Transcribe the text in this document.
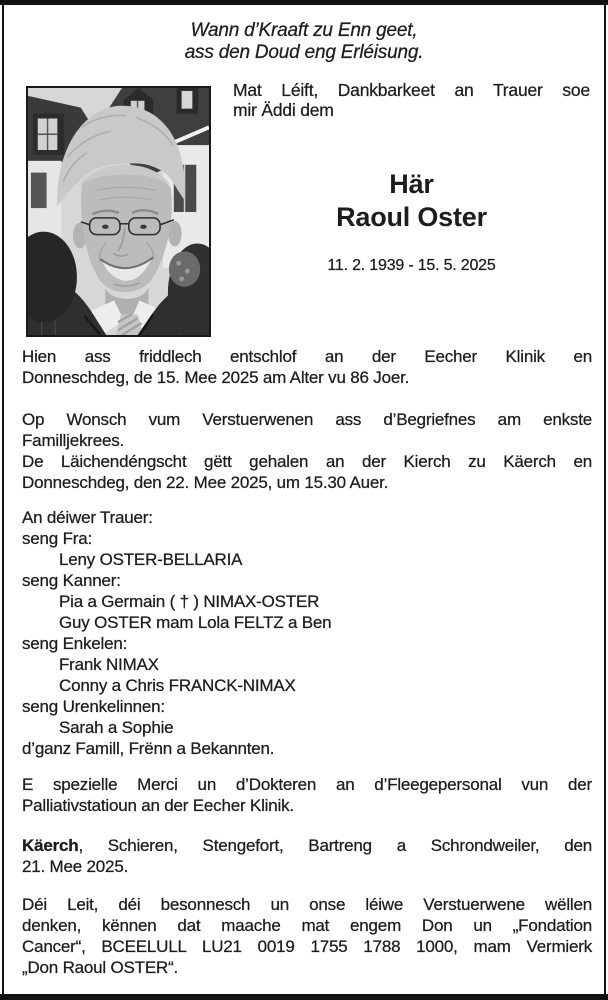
Wann d’Kraaft zu Enn geet,
ass den Doud eng Erléisung.
Mat Léift, Dankbarkeet an Trauer soe
mir Äddi dem
Här
Raoul Oster
11. 2. 1939 - 15. 5. 2025
Hien ass friddlech entschlof an der Eecher Klinik en
Donneschdeg, de 15. Mee 2025 am Alter vu 86 Joer.
Op Wonsch vum Verstuerwenen ass d’Begriefnes am enkste
Familljekrees.
De Läichendéngscht gëtt gehalen an der Kierch zu Käerch en
Donneschdeg, den 22. Mee 2025, um 15.30 Auer.
An déiwer Trauer:
seng Fra:
Leny OSTER-BELLARIA
seng Kanner:
Pia a Germain ( † ) NIMAX-OSTER
Guy OSTER mam Lola FELTZ a Ben
seng Enkelen:
Frank NIMAX
Conny a Chris FRANCK-NIMAX
seng Urenkelinnen:
Sarah a Sophie
d’ganz Famill, Frënn a Bekannten.
E spezielle Merci un d’Dokteren an d’Fleegepersonal vun der
Palliativstatioun an der Eecher Klinik.
Käerch, Schieren, Stengefort, Bartreng a Schrondweiler, den
21. Mee 2025.
Déi Leit, déi besonnesch un onse léiwe Verstuerwene wëllen
denken, kënnen dat maache mat engem Don un „Fondation
Cancer“, BCEELULL LU21 0019 1755 1788 1000, mam Vermierk
„Don Raoul OSTER“.
